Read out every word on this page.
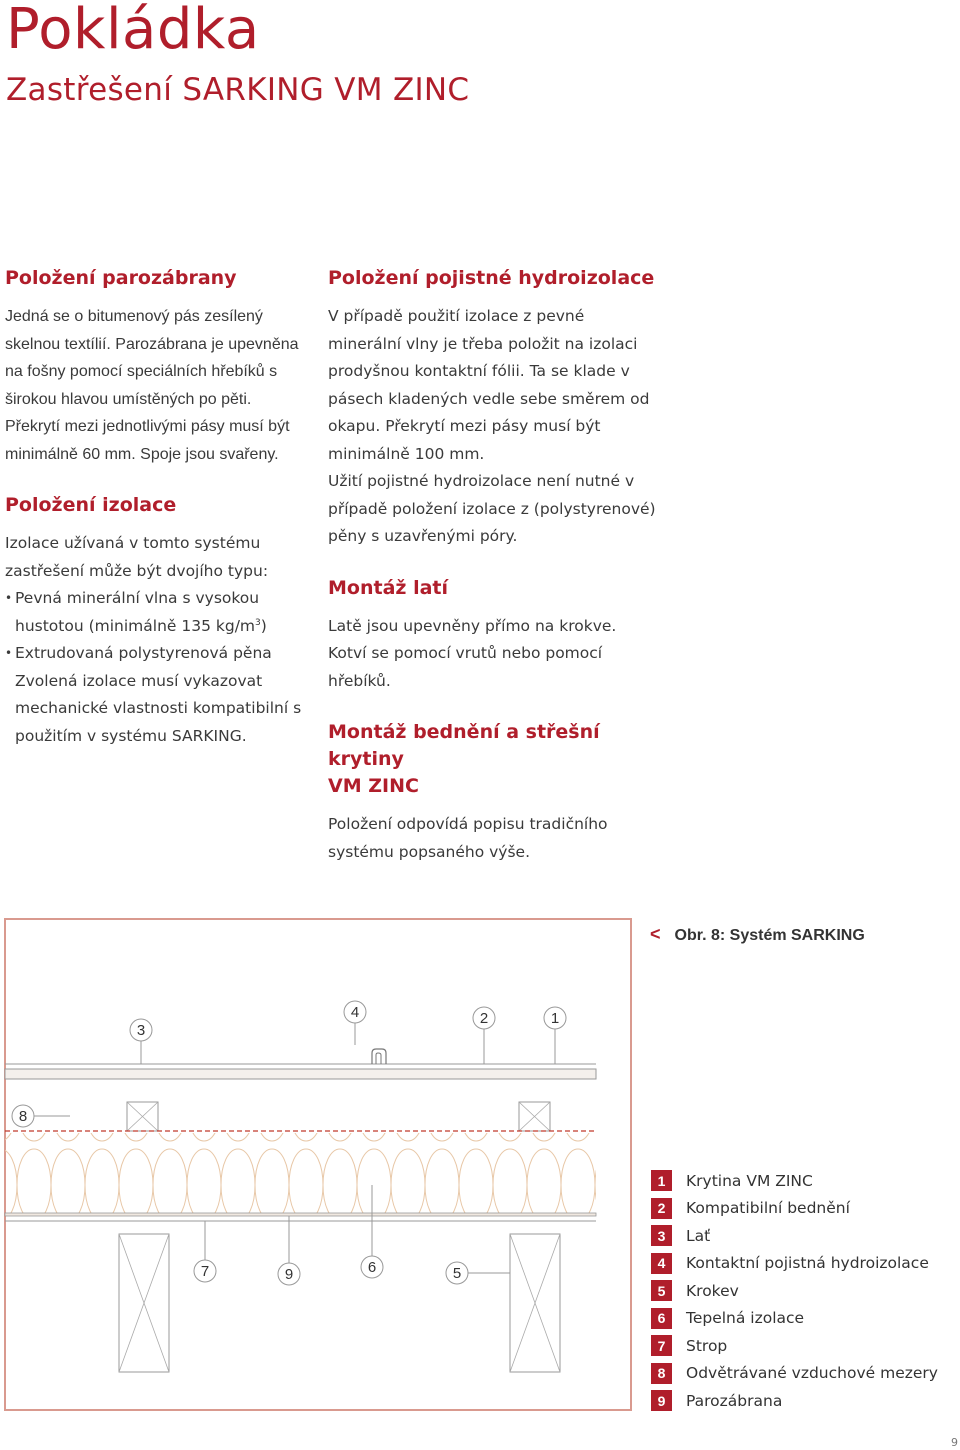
Pokládka
Zastřešení SARKING VM ZINC
Položení parozábrany

Jedná se o bitumenový pás zesílený

skelnou textílií. Parozábrana je upevněna

na fošny pomocí speciálních hřebíků s

širokou hlavou umístěných po pěti.

Překrytí mezi jednotlivými pásy musí být

minimálně 60 mm. Spoje jsou svařeny.

Položení izolace

Izolace užívaná v tomto systému

zastřešení může být dvojího typu:

• Pevná minerální vlna s vysokou
hustotou (minimálně 135 $kg/m^3$)
• Extrudovaná polystyrenová pěna

Zvolená izolace musí vykazovat

mechanické vlastnosti kompatibilní s

použitím v systému SARKING.

Položení pojistné hydroizolace

V případě použití izolace z pevné

minerální vlny je třeba položit na izolaci

prodyšnou kontaktní fólii. Ta se klade v

pásech kladených vedle sebe směrem od

okapu. Překrytí mezi pásy musí být

minimálně 100 mm.

Užití pojistné hydroizolace není nutné v

případě položení izolace z (polystyrenové)

pěny s uzavřenými póry.

Montáž latí

Latě jsou upevněny přímo na krokve.

Kotví se pomocí vrutů nebo pomocí

hřebíků.

Montáž bednění a střešní krytiny
VM ZINC

Položení odpovídá popisu tradičního

systému popsaného výše.

< Obr. 8: Systém SARKING
3
4	2	1
8
7	9	6	5
1	Krytina VM ZINC
2	Kompatibilní bednění
3	Lať
4	Kontaktní pojistná hydroizolace
5	Krokev
6	Tepelná izolace
7	Strop
8	Odvětrávané vzduchové mezery
9	Parozábrana
9
